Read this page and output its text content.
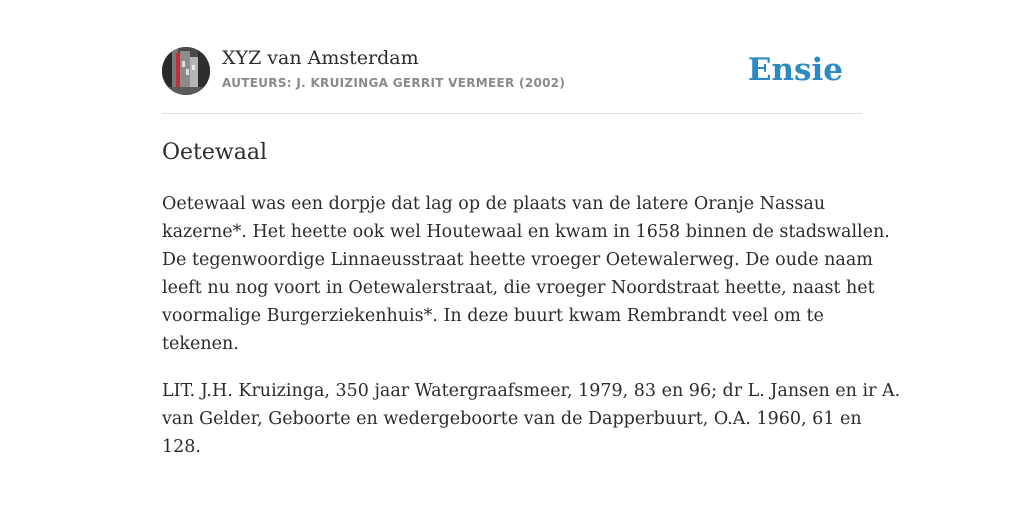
XYZ van Amsterdam
AUTEURS: J. KRUIZINGA GERRIT VERMEER (2002)	Ensie
Oetewaal

Oetewaal was een dorpje dat lag op de plaats van de latere Oranje Nassau
kazerne*. Het heette ook wel Houtewaal en kwam in 1658 binnen de stadswallen.
De tegenwoordige Linnaeusstraat heette vroeger Oetewalerweg. De oude naam
leeft nu nog voort in Oetewalerstraat, die vroeger Noordstraat heette, naast het
voormalige Burgerziekenhuis*. In deze buurt kwam Rembrandt veel om te
tekenen.

LIT. J.H. Kruizinga, 350 jaar Watergraafsmeer, 1979, 83 en 96; dr L. Jansen en ir A.
van Gelder, Geboorte en wedergeboorte van de Dapperbuurt, O.A. 1960, 61 en
128.
